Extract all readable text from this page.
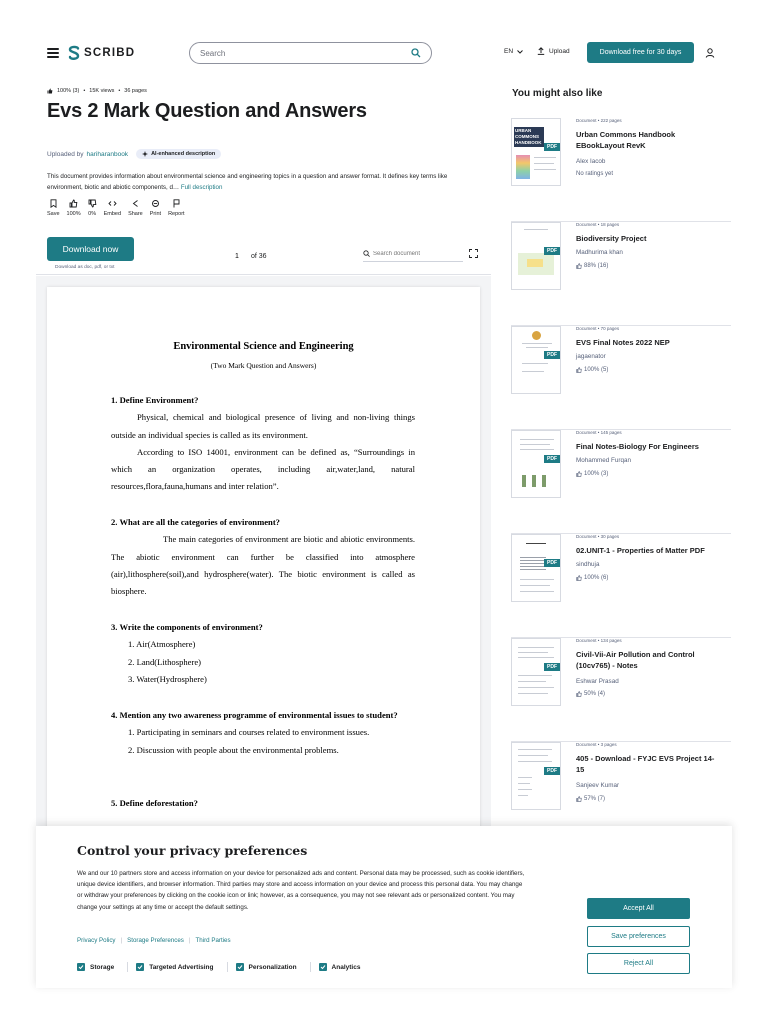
SCRIBD
Search	EN	Upload	Download free for 30 days
100% (3) • 15K views • 36 pages
Evs 2 Mark Question and Answers
Uploaded by hariharanbook	AI-enhanced description

This document provides information about environmental science and engineering topics in a question and answer format. It defines key terms like environment, biotic and abiotic components, d… Full description

Save 100% 0% Embed Share Print Report
Download now
Download as doc, pdf, or txt
1
of 36
Search document
Environmental Science and Engineering
(Two Mark Question and Answers)
1. Define Environment?
Physical, chemical and biological presence of living and non-living things outside an individual species is called as its environment.
According to ISO 14001, environment can be defined as, “Surroundings in which an organization operates, including air,water,land, natural resources,flora,fauna,humans and inter relation”.
2. What are all the categories of environment?
The main categories of environment are biotic and abiotic environments. The abiotic environment can further be classified into atmosphere (air),lithosphere(soil),and hydrosphere(water). The biotic environment is called as biosphere.
3. Write the components of environment?
1. Air(Atmosphere)
2. Land(Lithosphere)
3. Water(Hydrosphere)
4. Mention any two awareness programme of environmental issues to student?
1. Participating in seminars and courses related to environment issues.
2. Discussion with people about the environmental problems.
5. Define deforestation?
You might also like
URBAN COMMONS HANDBOOK
PDF
Document • 222 pages
Urban Commons Handbook EBookLayout RevK
Alex Iacob
No ratings yet
PDF
Document • 18 pages
Biodiversity Project
Madhurima khan
88% (16)
PDF
Document • 70 pages
EVS Final Notes 2022 NEP
jagaenator
100% (5)
PDF
Document • 145 pages
Final Notes-Biology For Engineers
Mohammed Furqan
100% (3)
PDF
Document • 30 pages
02.UNIT-1 - Properties of Matter PDF
sindhuja
100% (6)
PDF
Document • 134 pages
Civil-Vii-Air Pollution and Control (10cv765) - Notes
Eshwar Prasad
50% (4)
PDF
Document • 3 pages
405 - Download - FYJC EVS Project 14-15
Sanjeev Kumar
57% (7)
Control your privacy preferences

We and our 10 partners store and access information on your device for personalized ads and content. Personal data may be processed, such as cookie identifiers, unique device identifiers, and browser information. Third parties may store and access information on your device and process this personal data. You may change or withdraw your preferences by clicking on the cookie icon or link; however, as a consequence, you may not see relevant ads or personalized content. You may change your settings at any time or accept the default settings.

Privacy Policy | Storage Preferences | Third Parties
Storage	Targeted Advertising	Personalization	Analytics
Accept All
Save preferences
Reject All
